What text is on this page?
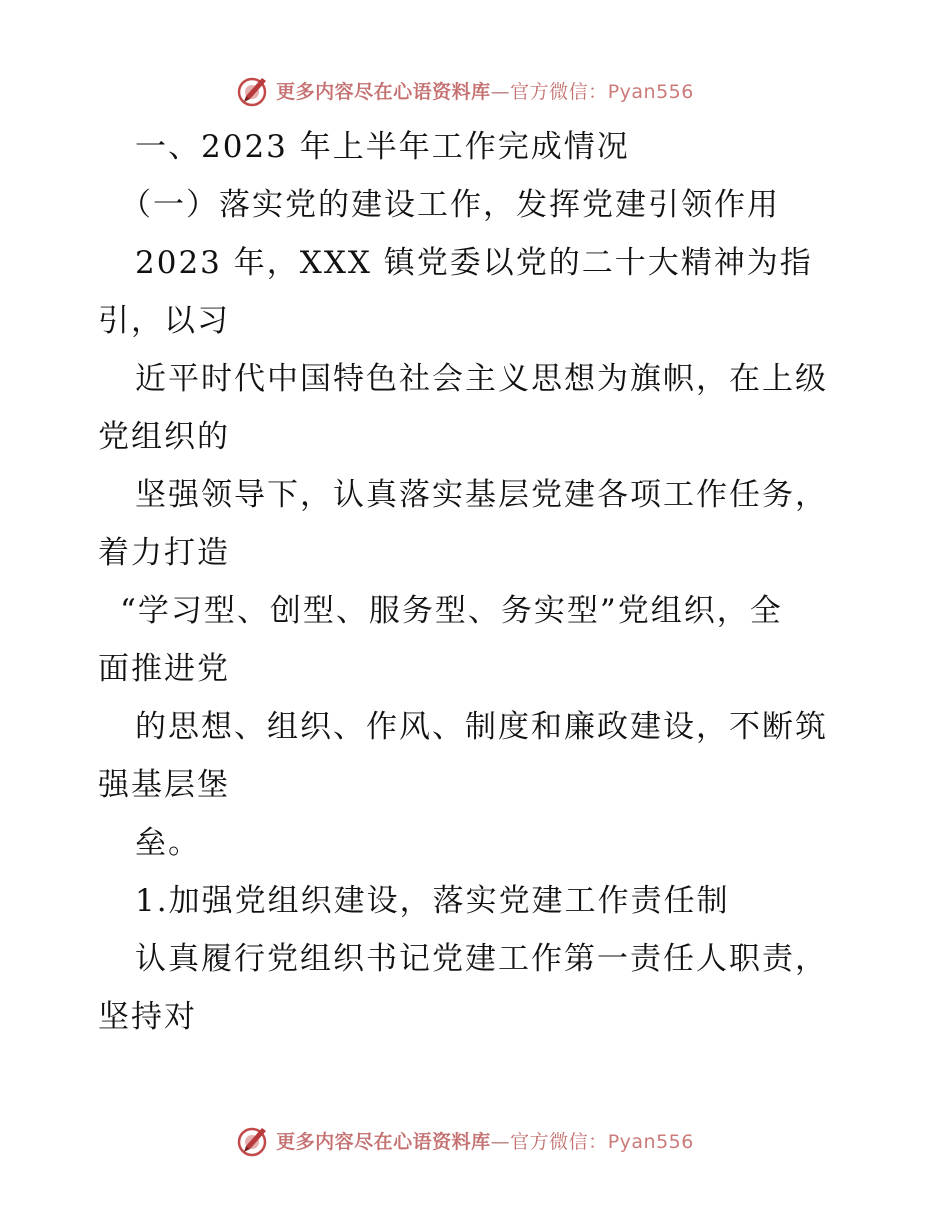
更多内容尽在心语资料库—官方微信：Pyan556
一、2023 年上半年工作完成情况
（一）落实党的建设工作，发挥党建引领作用
2023 年，XXX 镇党委以党的二十大精神为指
引，以习
近平时代中国特色社会主义思想为旗帜，在上级
党组织的
坚强领导下，认真落实基层党建各项工作任务，
着力打造
“学习型、创型、服务型、务实型”党组织，全
面推进党
的思想、组织、作风、制度和廉政建设，不断筑
强基层堡
垒。
1.加强党组织建设，落实党建工作责任制
认真履行党组织书记党建工作第一责任人职责，
坚持对
更多内容尽在心语资料库—官方微信：Pyan556
